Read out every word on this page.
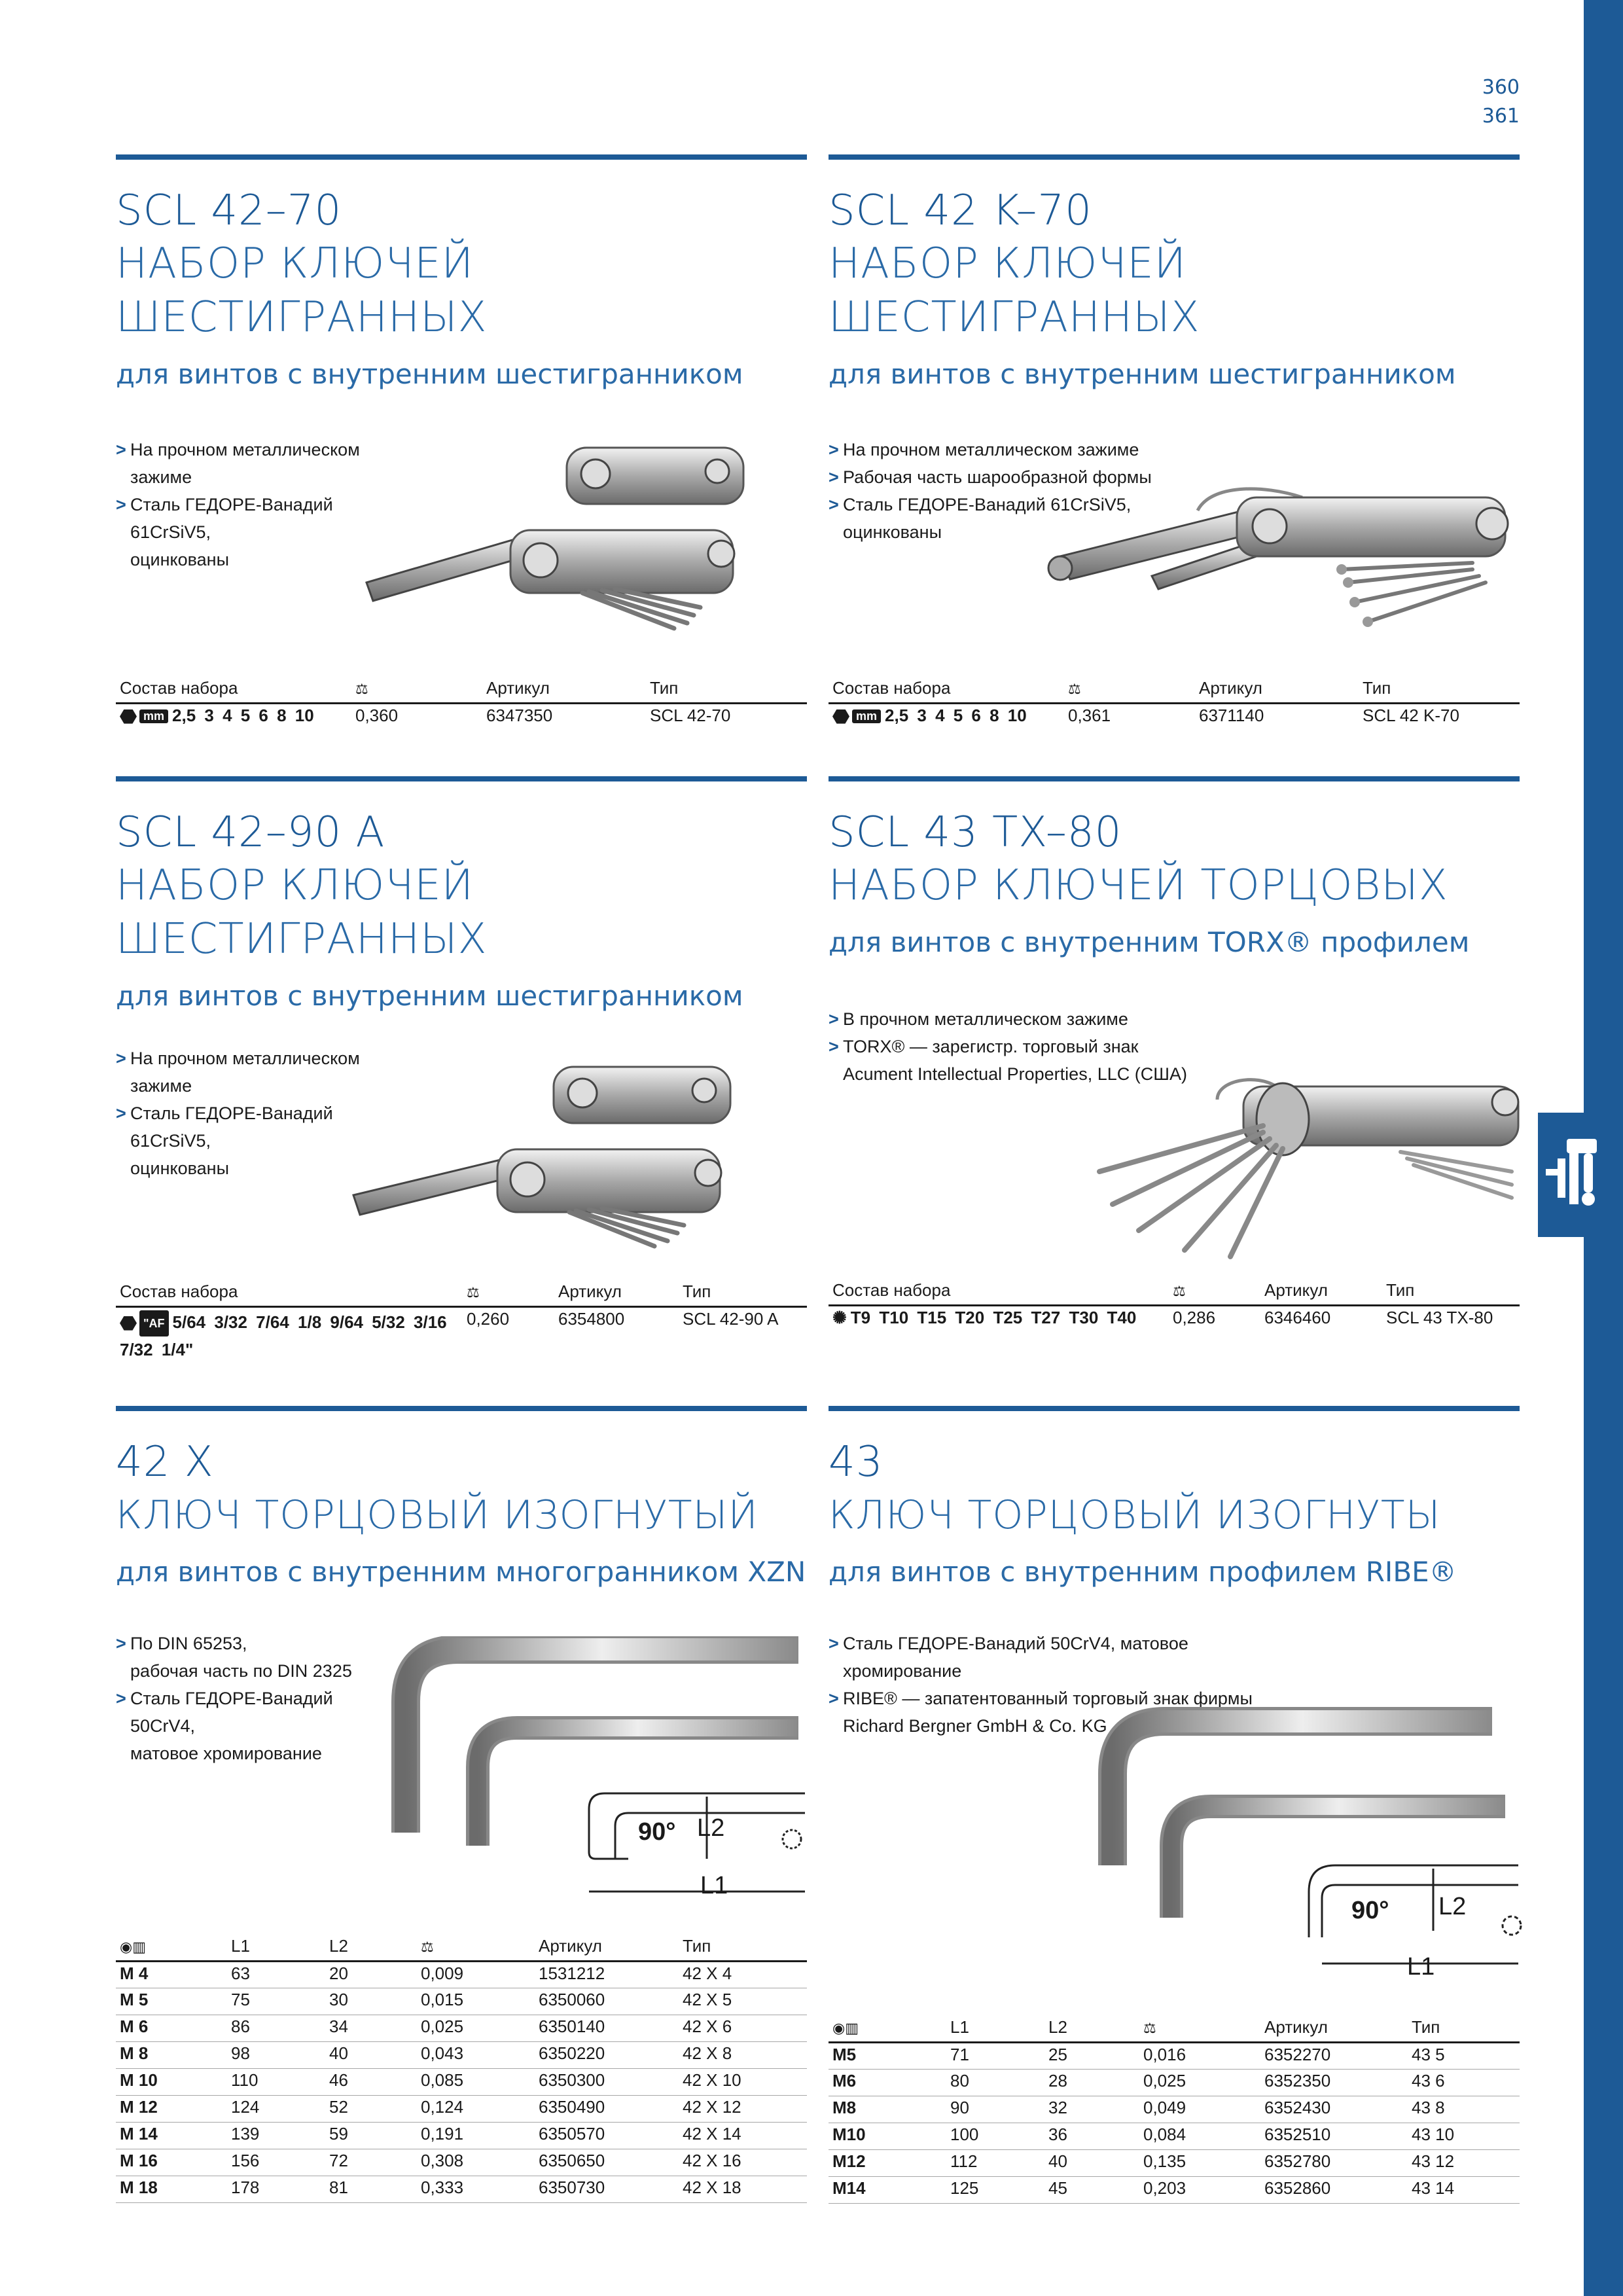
360
361
SCL 42–70
НАБОР КЛЮЧЕЙ
ШЕСТИГРАННЫХ
для винтов с внутренним шестигранником
> На прочном металлическом зажиме
> Сталь ГЕДОРЕ-Ванадий 61CrSiV5,
оцинкованы
Состав набора	⚖	Артикул	Тип
mm 2,5 3 4 5 6 8 10	0,360	6347350	SCL 42-70
SCL 42 K–70
НАБОР КЛЮЧЕЙ
ШЕСТИГРАННЫХ
для винтов с внутренним шестигранником
> На прочном металлическом зажиме
> Рабочая часть шарообразной формы
> Сталь ГЕДОРЕ-Ванадий 61CrSiV5,
оцинкованы
Состав набора	⚖	Артикул	Тип
mm 2,5 3 4 5 6 8 10	0,361	6371140	SCL 42 K-70
SCL 42–90 A
НАБОР КЛЮЧЕЙ
ШЕСТИГРАННЫХ
для винтов с внутренним шестигранником
> На прочном металлическом зажиме
> Сталь ГЕДОРЕ-Ванадий 61CrSiV5,
оцинкованы
Состав набора	⚖	Артикул	Тип
"AF 5/64 3/32 7/64 1/8 9/64 5/32 3/16
7/32 1/4"	0,260	6354800	SCL 42-90 A
SCL 43 TX–80
НАБОР КЛЮЧЕЙ ТОРЦОВЫХ
для винтов с внутренним TORX® профилем
> В прочном металлическом зажиме
> TORX® — зарегистр. торговый знак
Acument Intellectual Properties, LLC (США)
Состав набора	⚖	Артикул	Тип
✺ T9 T10 T15 T20 T25 T27 T30 T40	0,286	6346460	SCL 43 TX-80
42 X
КЛЮЧ ТОРЦОВЫЙ ИЗОГНУТЫЙ
для винтов с внутренним многогранником XZN
> По DIN 65253,
рабочая часть по DIN 2325
> Сталь ГЕДОРЕ-Ванадий 50CrV4,
матовое хромирование
90° L2
L1
◉▥	L1	L2	⚖	Артикул	Тип
M 4	63	20	0,009	1531212	42 X 4
M 5	75	30	0,015	6350060	42 X 5
M 6	86	34	0,025	6350140	42 X 6
M 8	98	40	0,043	6350220	42 X 8
M 10	110	46	0,085	6350300	42 X 10
M 12	124	52	0,124	6350490	42 X 12
M 14	139	59	0,191	6350570	42 X 14
M 16	156	72	0,308	6350650	42 X 16
M 18	178	81	0,333	6350730	42 X 18
43
КЛЮЧ ТОРЦОВЫЙ ИЗОГНУТЫ
для винтов с внутренним профилем RIBE®
> Сталь ГЕДОРЕ-Ванадий 50CrV4, матовое хромирование
> RIBE® — запатентованный торговый знак фирмы
Richard Bergner GmbH & Co. KG
90° L2
L1
◉▥	L1	L2	⚖	Артикул	Тип
M5	71	25	0,016	6352270	43 5
M6	80	28	0,025	6352350	43 6
M8	90	32	0,049	6352430	43 8
M10	100	36	0,084	6352510	43 10
M12	112	40	0,135	6352780	43 12
M14	125	45	0,203	6352860	43 14
